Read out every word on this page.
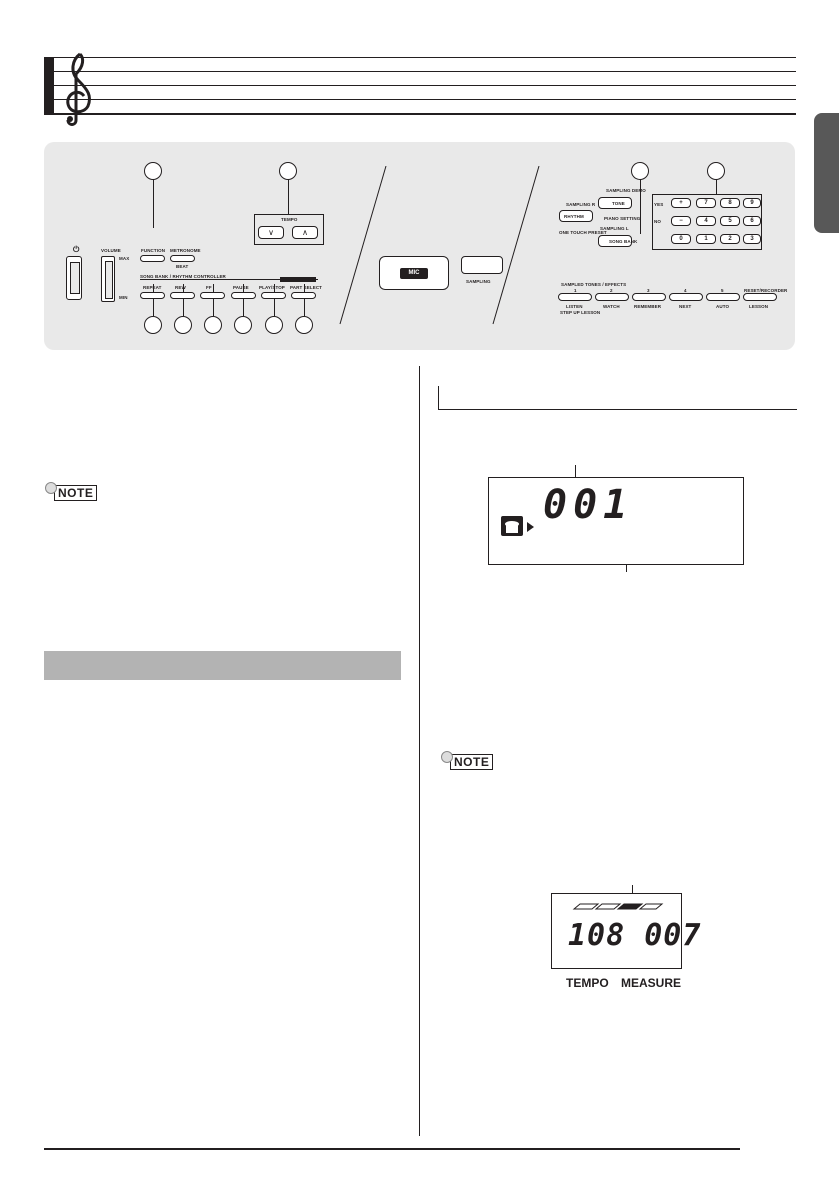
⏻	VOLUME
MAX
MIN
FUNCTION METRONOME
BEAT
TEMPO
∨	∧
SONG BANK / RHYTHM CONTROLLER
REPEAT	REW	FF	PAUSE PLAY/STOP PART SELECT
MIC
SAMPLING
SAMPLING DEMO
SAMPLING R	TONE
RHYTHM	PIANO SETTING
SAMPLING L
ONE TOUCH PRESET
SONG BANK
YES
NO
+	7	8	9
−	4	5	6
0	1	2	3
SAMPLED TONES / EFFECTS
1	2	3	4	5	RESET/RECORDER
LISTEN	WATCH	REMEMBER	NEXT	AUTO	LESSON
STEP UP LESSON
NOTE	001
NOTE
108 007
TEMPO MEASURE
